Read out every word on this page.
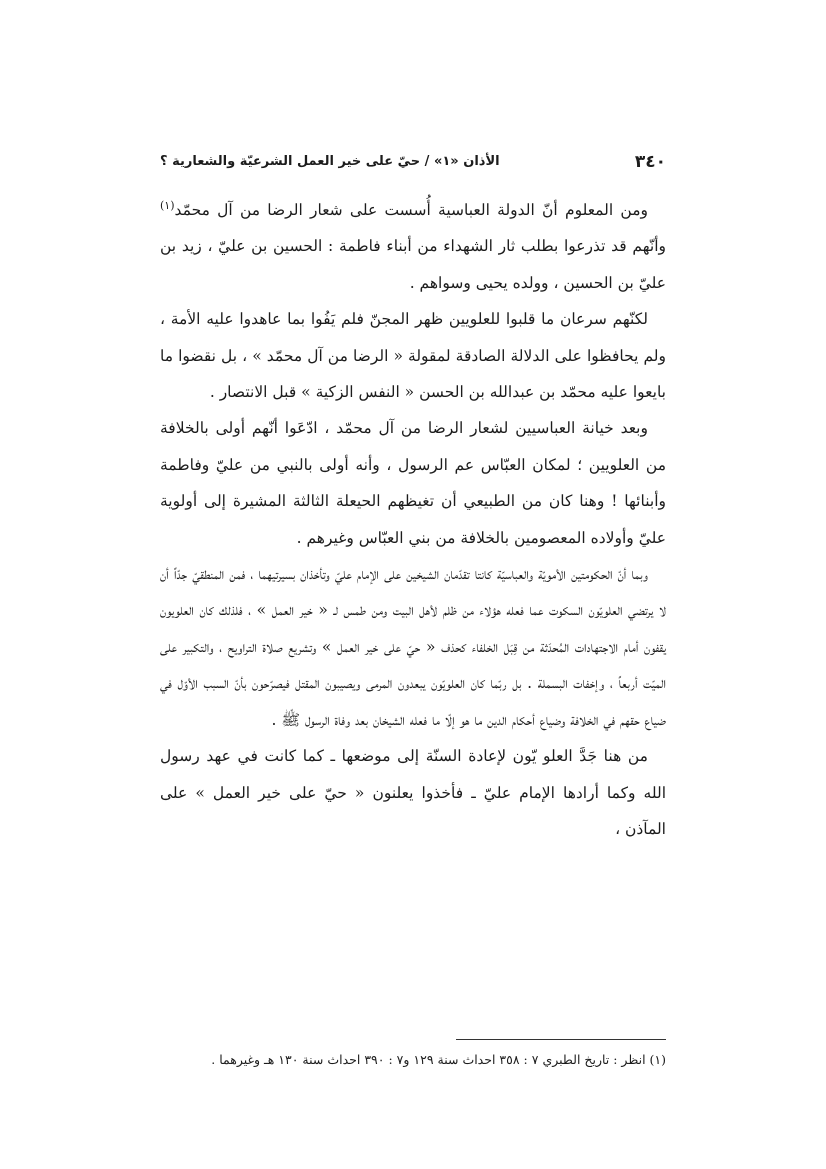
٣٤٠
الأذان «١» / حيّ على خير العمل الشرعيّة والشعارية ؟

ومن المعلوم أنّ الدولة العباسية أُسست على شعار الرضا من آل محمّد$^{(١)}$ وأنّهم قد تذرعوا بطلب ثار الشهداء من أبناء فاطمة : الحسين بن عليّ ، زيد بن عليّ بن الحسين ، وولده يحيى وسواهم .

لكنّهم سرعان ما قلبوا للعلويين ظهر المجنّ فلم يَفُوا بما عاهدوا عليه الأمة ، ولم يحافظوا على الدلالة الصادقة لمقولة « الرضا من آل محمّد » ، بل نقضوا ما بايعوا عليه محمّد بن عبدالله بن الحسن « النفس الزكية » قبل الانتصار .

وبعد خيانة العباسيين لشعار الرضا من آل محمّد ، ادّعَوا أنّهم أولى بالخلافة من العلويين ؛ لمكان العبّاس عم الرسول ، وأنه أولى بالنبي من عليّ وفاطمة وأبنائها ! وهنا كان من الطبيعي أن تغيظهم الحيعلة الثالثة المشيرة إلى أولوية عليّ وأولاده المعصومين بالخلافة من بني العبّاس وغيرهم .

وبما أنّ الحكومتين الأمويّة والعباسيّة كانتا تقدّمان الشيخين على الإمام عليّ وتأخذان بسيرتيهما ، فمن المنطقيّ جدّاً أن لا يرتضي العلويّون السكوت عما فعله هؤلاء من ظلم لأهل البيت ومن طمس لـ « خير العمل » ، فلذلك كان العلويون يقفون أمام الاجتهادات المُحدَثة من قِبَل الخلفاء كحذف « حيّ على خير العمل » وتشريع صلاة التراويح ، والتكبير على الميّت أربعاً ، وإخفات البسملة . بل ربّما كان العلويّون يبعدون المرمى ويصيبون المقتل فيصرّحون بأنّ السبب الأوّل في ضياع حقهم في الخلافة وضياع أحكام الدين ما هو إلّا ما فعله الشيخان بعد وفاة الرسول ﷺ .

من هنا جَدَّ العلو يّون لإعادة السنّة إلى موضعها ـ كما كانت في عهد رسول الله وكما أرادها الإمام عليّ ـ فأخذوا يعلنون « حيّ على خير العمل » على المآذن ،

(١) انظر : تاريخ الطبري ٧ : ٣٥٨ احداث سنة ١٢٩ و٧ : ٣٩٠ احداث سنة ١٣٠ هـ وغيرهما .
